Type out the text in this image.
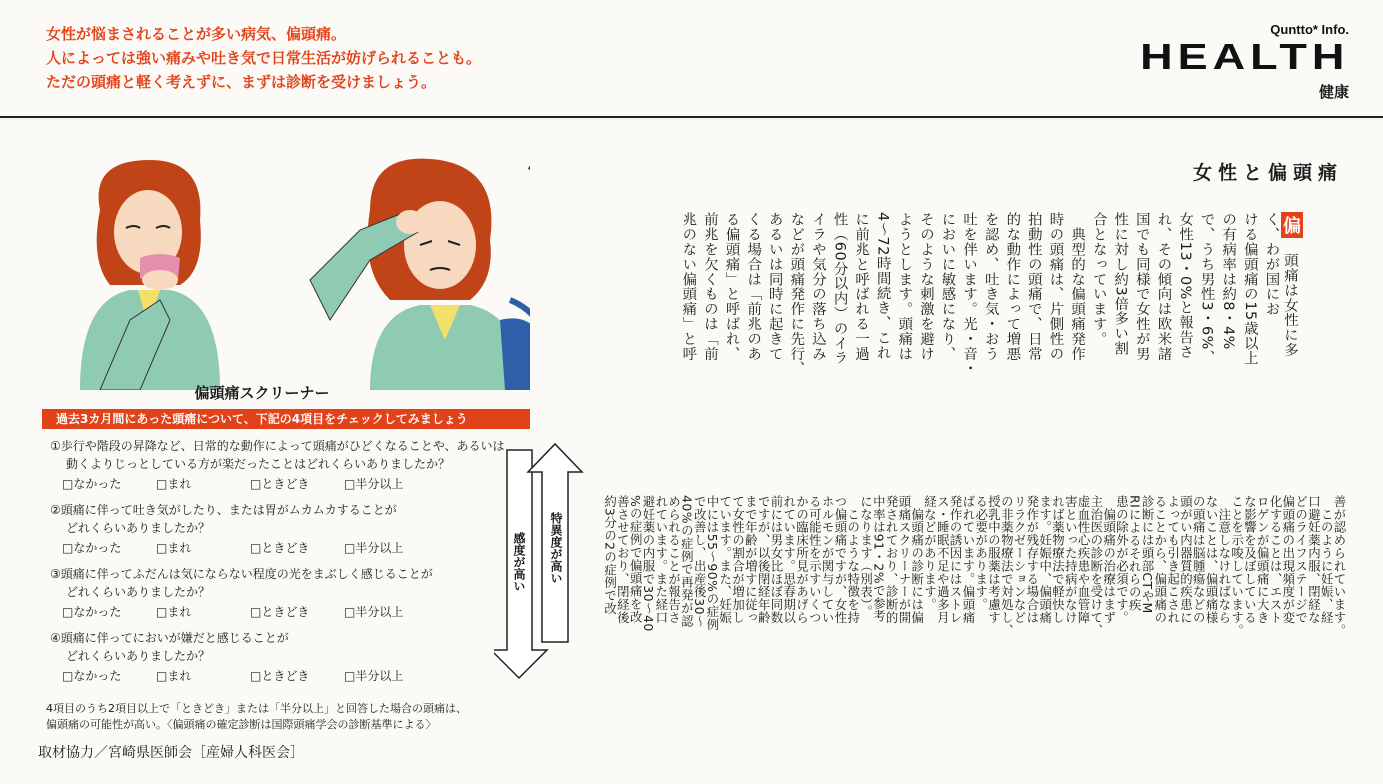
女性が悩まされることが多い病気、偏頭痛。
人によっては強い痛みや吐き気で日常生活が妨げられることも。
ただの頭痛と軽く考えずに、まずは診断を受けましょう。
Quntto* Info.
HEALTH
健康
偏頭痛スクリーナー
過去3カ月間にあった頭痛について、下記の4項目をチェックしてみましょう
①歩行や階段の昇降など、日常的な動作によって頭痛がひどくなることや、あるいは
動くよりじっとしている方が楽だったことはどれくらいありましたか？
□なかった	□まれ	□ときどき	□半分以上
②頭痛に伴って吐き気がしたり、または胃がムカムカすることが
どれくらいありましたか？
□なかった	□まれ	□ときどき	□半分以上
③頭痛に伴ってふだんは気にならない程度の光をまぶしく感じることが
どれくらいありましたか？
□なかった	□まれ	□ときどき	□半分以上
④頭痛に伴ってにおいが嫌だと感じることが
どれくらいありましたか？
□なかった	□まれ	□ときどき	□半分以上
4項目のうち2項目以上で「ときどき」または「半分以上」と回答した場合の頭痛は、
偏頭痛の可能性が高い。〈偏頭痛の確定診断は国際頭痛学会の診断基準による〉
感度が高い 特異度が高い
取材協力／宮崎県医師会［産婦人科医会］
女性と偏頭痛
偏　頭痛は女性に多
く、わが国にお
ける偏頭痛の15歳以上
の有病率は約8・4%
で、うち男性3・6%、
女性13・0%と報告さ
れ、その傾向は欧米諸
国でも同様で女性が男
性に対し約3倍多い割
合となっています。
　典型的な偏頭痛発作
時の頭痛は、片側性の
拍動性の頭痛で、日常
的な動作によって増悪
を認め、吐き気・おう
吐を伴います。光・音・
においに敏感になり、
そのような刺激を避け
ようとします。頭痛は
4～72時間続き、これ
に前兆と呼ばれる一過
性（60分以内）のイラ
イラや気分の落ち込み
などが頭痛発作に先行、
あるいは同時に起きて
くる場合は「前兆のあ
る偏頭痛」と呼ばれ、
前兆を欠くものは「前
兆のない偏頭痛」と呼
善が認められています。
　このように妊娠、経
口避妊薬内服、閉経な
どのライフステージで
偏頭痛の出現頻度が変
化することは、エスト
ロゲンが偏頭痛に大き
な影響を及ぼしている
ことを示唆しています。
　注意しなければなら
ないことは、偏頭痛様
の頭痛は脳腫瘍などの
頭がい内器質的疾患に
よっても引き起こされ
ることから、偏頭痛の
診断には頭部CTやM
RIによるそれらの疾
患の除外が必須です。
　偏頭痛の治療はまず
主治医の診断を受けて、
虚血性心疾患や血管障
害といった持病がなけ
れば薬物療法で軽快し
ます。妊娠中、偏頭痛
発作が残存する場合は
リラクゼーションなど
の非薬物療法で対処し、
授乳中の服薬は考慮す
る必要があります。
ばれています。偏頭痛
発作の誘因にはストレ
ス・睡眠不足や過多月
経などがあります。
　偏頭痛の診断には偏
頭痛スクリーナーが開
発されており、診断的
中率は91・2%で参考
になります（別表）。
　このような特徴を持
つ偏頭痛ですが、女性
ホルモンが関与してい
る可能性を示すいくつ
かの臨床所見があげら
れています。思春期以
前には男女比ほぼ同数
ですが、以後閉経年齢
まで年齢が増すに従っ
て女性の割合が増加し
ています。また、妊娠
中には55～90%の症例
で改善し、出産後30～
40%の症例で再発が認
められることが報告さ
れています。また経口
避妊薬の内服で30～40
%の症例で偏頭痛を改
善させており、閉経後
約3分の2の症例で改
